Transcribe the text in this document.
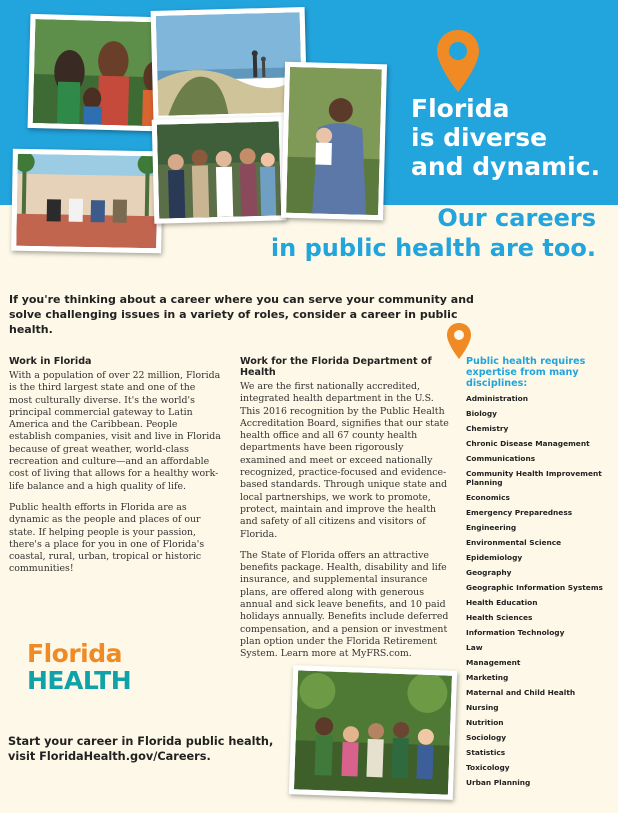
Florida
is diverse
and dynamic.
Our careers
in public health are too.

If you're thinking about a career where you can serve your community and solve challenging issues in a variety of roles, consider a career in public health.

Work in Florida

With a population of over 22 million, Florida is the third largest state and one of the most culturally diverse. It's the world's principal commercial gateway to Latin America and the Caribbean. People establish companies, visit and live in Florida because of great weather, world-class recreation and culture—and an affordable cost of living that allows for a healthy work-life balance and a high quality of life.

Public health efforts in Florida are as dynamic as the people and places of our state. If helping people is your passion, there's a place for you in one of Florida's coastal, rural, urban, tropical or historic communities!

Work for the Florida Department of Health

We are the first nationally accredited, integrated health department in the U.S. This 2016 recognition by the Public Health Accreditation Board, signifies that our state health office and all 67 county health departments have been rigorously examined and meet or exceed nationally recognized, practice-focused and evidence-based standards. Through unique state and local partnerships, we work to promote, protect, maintain and improve the health and safety of all citizens and visitors of Florida.

The State of Florida offers an attractive benefits package. Health, disability and life insurance, and supplemental insurance plans, are offered along with generous annual and sick leave benefits, and 10 paid holidays annually. Benefits include deferred compensation, and a pension or investment plan option under the Florida Retirement System. Learn more at MyFRS.com.

Public health requires expertise from many disciplines:
Administration
Biology
Chemistry
Chronic Disease Management
Communications
Community Health Improvement Planning
Economics
Emergency Preparedness
Engineering
Environmental Science
Epidemiology
Geography
Geographic Information Systems
Health Education
Health Sciences
Information Technology
Law
Management
Marketing
Maternal and Child Health
Nursing
Nutrition
Sociology
Statistics
Toxicology
Urban Planning
Florida
HEALTH

Start your career in Florida public health,
visit FloridaHealth.gov/Careers.
